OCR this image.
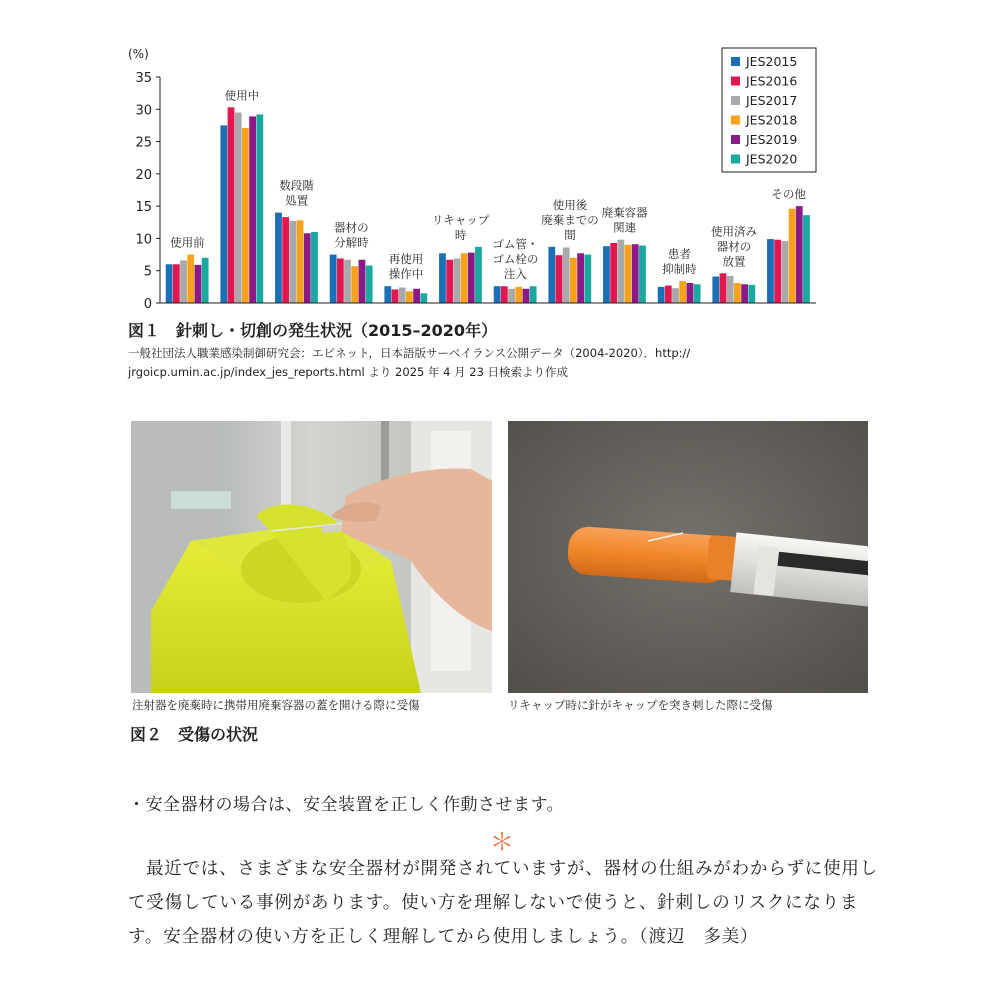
(%)
0
5
10
15
20
25
30
35
使用前
使用中
数段階
処置
器材の
分解時
再使用
操作中
リキャップ
時
ゴム管・
ゴム栓の
注入
使用後
廃棄までの
間
廃棄容器
関連
患者
抑制時
使用済み
器材の
放置
その他
JES2015
JES2016
JES2017
JES2018
JES2019
JES2020

図１　針刺し・切創の発生状況（2015–2020年）

一般社団法人職業感染制御研究会：エピネット，日本語版サーベイランス公開データ（2004-2020）．http://
jrgoicp.umin.ac.jp/index_jes_reports.html より 2025 年 4 月 23 日検索より作成

注射器を廃棄時に携帯用廃棄容器の蓋を開ける際に受傷	リキャップ時に針がキャップを突き刺した際に受傷

図２　受傷の状況

・安全器材の場合は、安全装置を正しく作動させます。

＊

最近では、さまざまな安全器材が開発されていますが、器材の仕組みがわからずに使用して受傷している事例があります。使い方を理解しないで使うと、針刺しのリスクになります。安全器材の使い方を正しく理解してから使用しましょう。（渡辺　多美）
